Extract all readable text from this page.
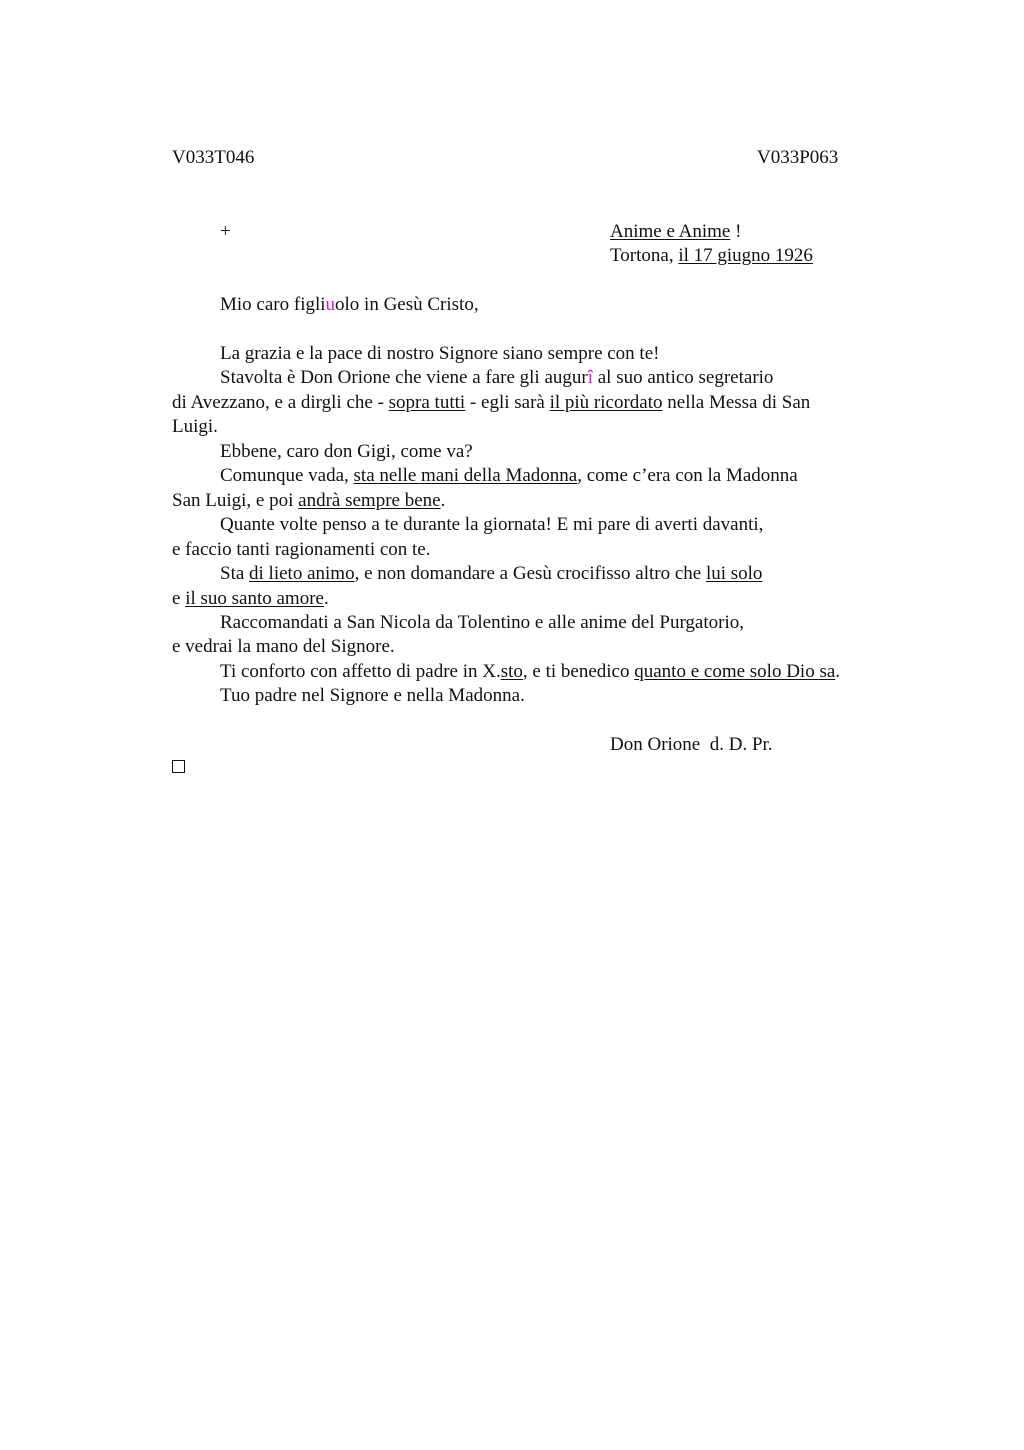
V033T046	V033P063
+	Anime e Anime !
Tortona, il 17 giugno 1926
Mio caro figliuolo in Gesù Cristo,
La grazia e la pace di nostro Signore siano sempre con te!
Stavolta è Don Orione che viene a fare gli augurî al suo antico segretario
di Avezzano, e a dirgli che - sopra tutti - egli sarà il più ricordato nella Messa di San
Luigi.
Ebbene, caro don Gigi, come va?
Comunque vada, sta nelle mani della Madonna, come c’era con la Madonna
San Luigi, e poi andrà sempre bene.
Quante volte penso a te durante la giornata! E mi pare di averti davanti,
e faccio tanti ragionamenti con te.
Sta di lieto animo, e non domandare a Gesù crocifisso altro che lui solo
e il suo santo amore.
Raccomandati a San Nicola da Tolentino e alle anime del Purgatorio,
e vedrai la mano del Signore.
Ti conforto con affetto di padre in X.sto, e ti benedico quanto e come solo Dio sa.
Tuo padre nel Signore e nella Madonna.
Don Orione  d. D. Pr.
